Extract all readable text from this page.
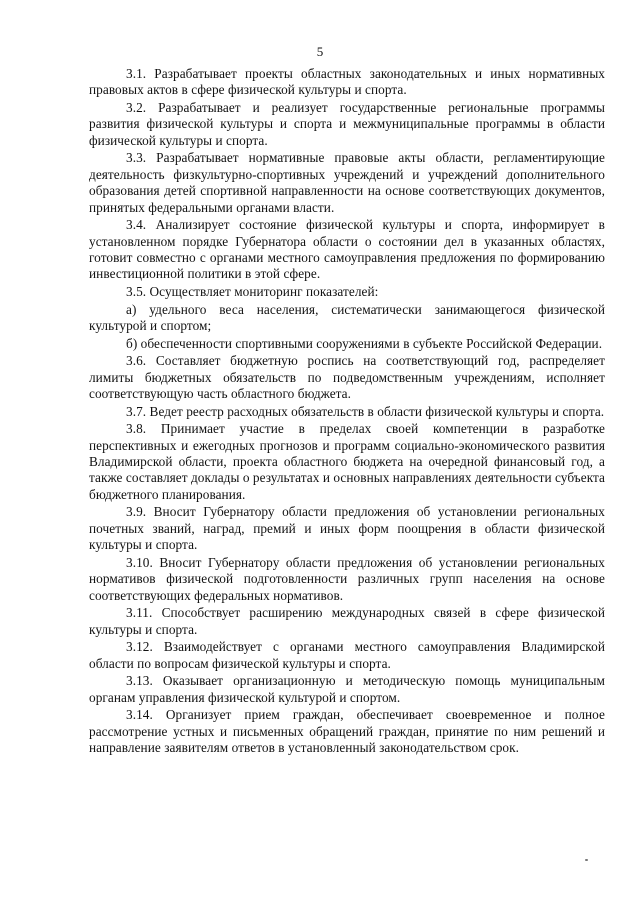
5

3.1. Разрабатывает проекты областных законодательных и иных нормативных правовых актов в сфере физической культуры и спорта.

3.2. Разрабатывает и реализует государственные региональные программы развития физической культуры и спорта и межмуниципальные программы в области физической культуры и спорта.

3.3. Разрабатывает нормативные правовые акты области, регламентирующие деятельность физкультурно-спортивных учреждений и учреждений дополнительного образования детей спортивной направленности на основе соответствующих документов, принятых федеральными органами власти.

3.4. Анализирует состояние физической культуры и спорта, информирует в установленном порядке Губернатора области о состоянии дел в указанных областях, готовит совместно с органами местного самоуправления предложения по формированию инвестиционной политики в этой сфере.

3.5. Осуществляет мониторинг показателей:

а) удельного веса населения, систематически занимающегося физической культурой и спортом;

б) обеспеченности спортивными сооружениями в субъекте Российской Федерации.

3.6. Составляет бюджетную роспись на соответствующий год, распределяет лимиты бюджетных обязательств по подведомственным учреждениям, исполняет соответствующую часть областного бюджета.

3.7. Ведет реестр расходных обязательств в области физической культуры и спорта.

3.8. Принимает участие в пределах своей компетенции в разработке перспективных и ежегодных прогнозов и программ социально-экономического развития Владимирской области, проекта областного бюджета на очередной финансовый год, а также составляет доклады о результатах и основных направлениях деятельности субъекта бюджетного планирования.

3.9. Вносит Губернатору области предложения об установлении региональных почетных званий, наград, премий и иных форм поощрения в области физической культуры и спорта.

3.10. Вносит Губернатору области предложения об установлении региональных нормативов физической подготовленности различных групп населения на основе соответствующих федеральных нормативов.

3.11. Способствует расширению международных связей в сфере физической культуры и спорта.

3.12. Взаимодействует с органами местного самоуправления Владимирской области по вопросам физической культуры и спорта.

3.13. Оказывает организационную и методическую помощь муниципальным органам управления физической культурой и спортом.

3.14. Организует прием граждан, обеспечивает своевременное и полное рассмотрение устных и письменных обращений граждан, принятие по ним решений и направление заявителям ответов в установленный законодательством срок.
